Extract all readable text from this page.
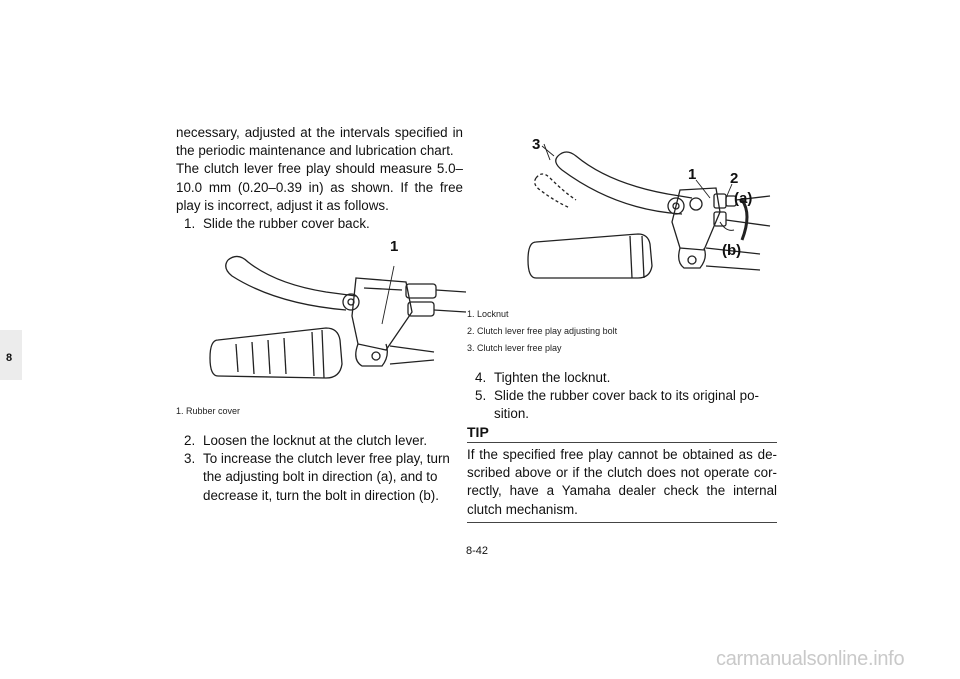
8

necessary, adjusted at the intervals specified in the periodic maintenance and lubrication chart.

The clutch lever free play should measure 5.0–10.0 mm (0.20–0.39 in) as shown. If the free play is incorrect, adjust it as follows.

1. Slide the rubber cover back.
1
1. Rubber cover
2. Loosen the locknut at the clutch lever.
3. To increase the clutch lever free play, turn the adjusting bolt in direction (a), and to decrease it, turn the bolt in direction (b).
3
1 2
(a)
(b)
1. Locknut
2. Clutch lever free play adjusting bolt
3. Clutch lever free play
4. Tighten the locknut.
5. Slide the rubber cover back to its original po-sition.
TIP

If the specified free play cannot be obtained as de-scribed above or if the clutch does not operate cor-rectly, have a Yamaha dealer check the internal clutch mechanism.

8-42
carmanualsonline.info
